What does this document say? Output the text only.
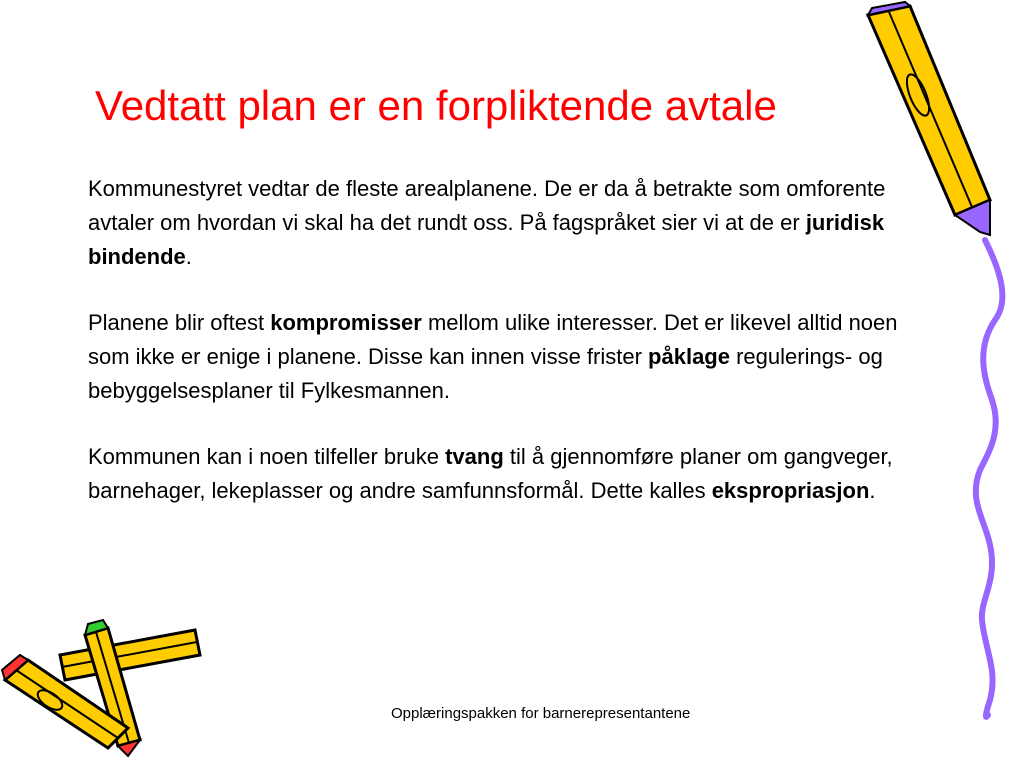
Vedtatt plan er en forpliktende avtale

Kommunestyret vedtar de fleste arealplanene. De er da å betrakte som omforente avtaler om hvordan vi skal ha det rundt oss. På fagspråket sier vi at de er juridisk bindende.

Planene blir oftest kompromisser mellom ulike interesser. Det er likevel alltid noen som ikke er enige i planene. Disse kan innen visse frister påklage regulerings- og bebyggelsesplaner til Fylkesmannen.

Kommunen kan i noen tilfeller bruke tvang til å gjennomføre planer om gangveger, barnehager, lekeplasser og andre samfunnsformål. Dette kalles ekspropriasjon.

Opplæringspakken for barnerepresentantene
